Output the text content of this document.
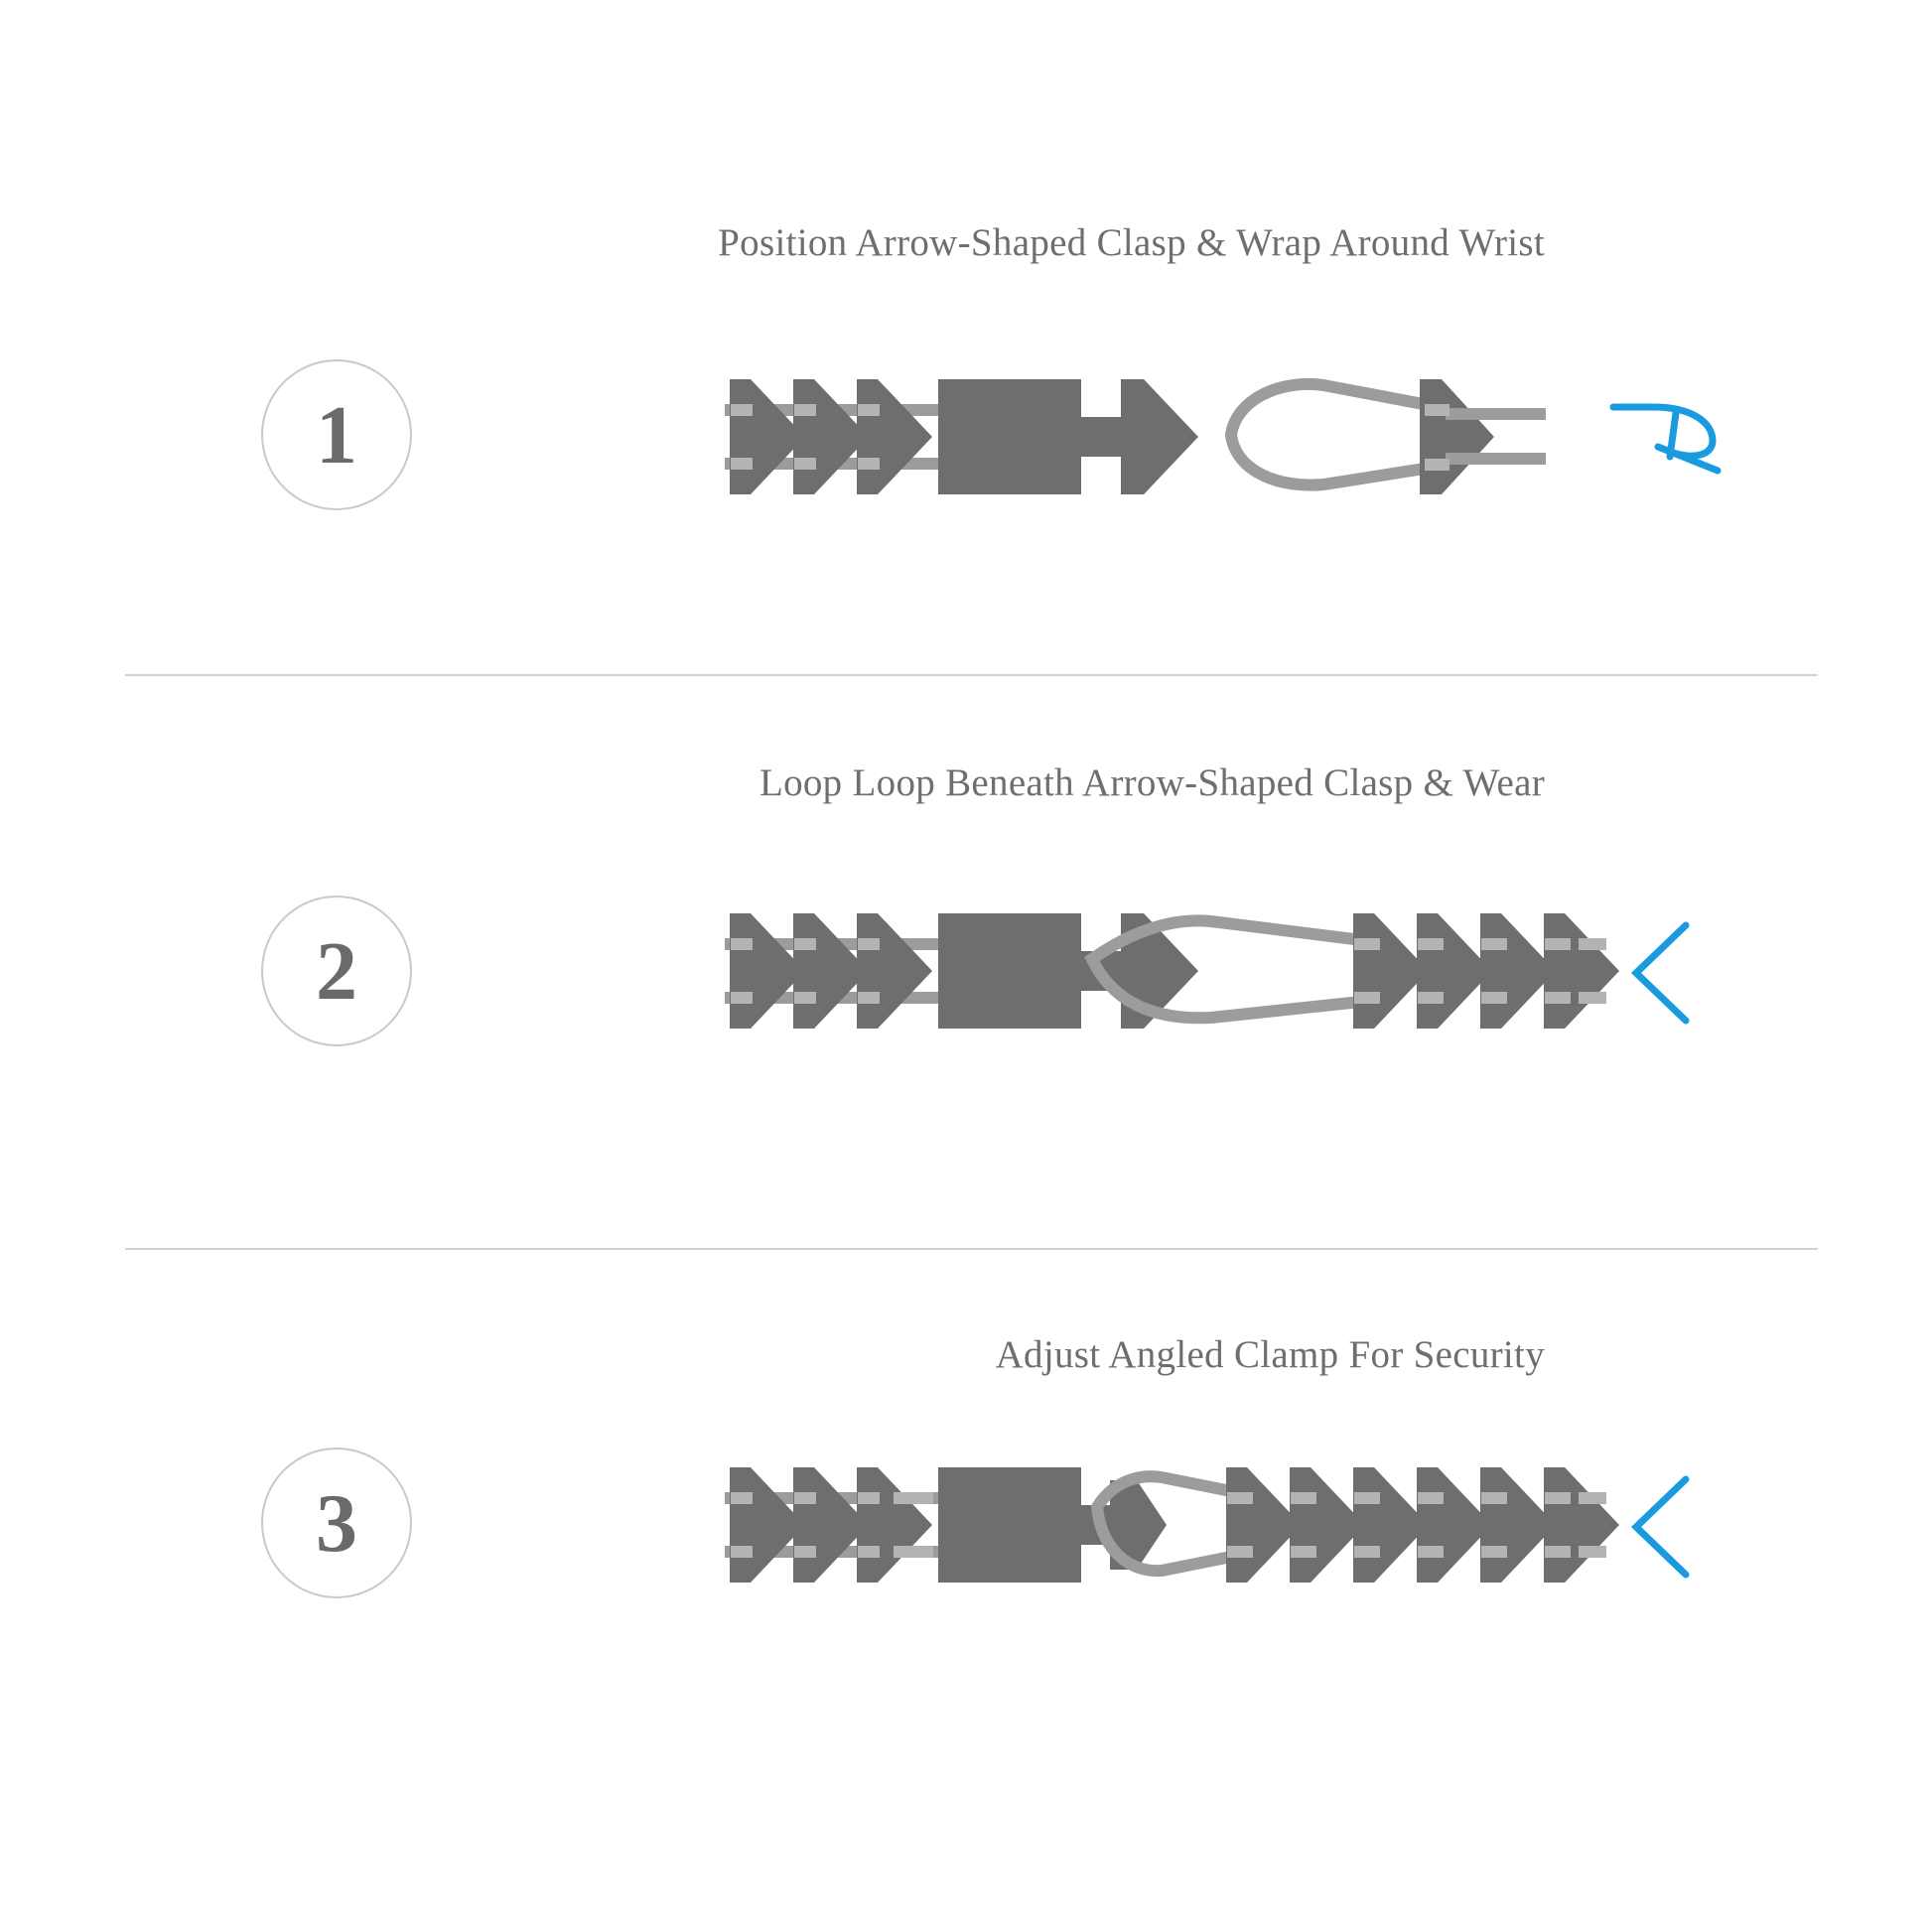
Position Arrow-Shaped Clasp & Wrap Around Wrist
1
Loop Loop Beneath Arrow-Shaped Clasp & Wear
2
Adjust Angled Clamp For Security
3
